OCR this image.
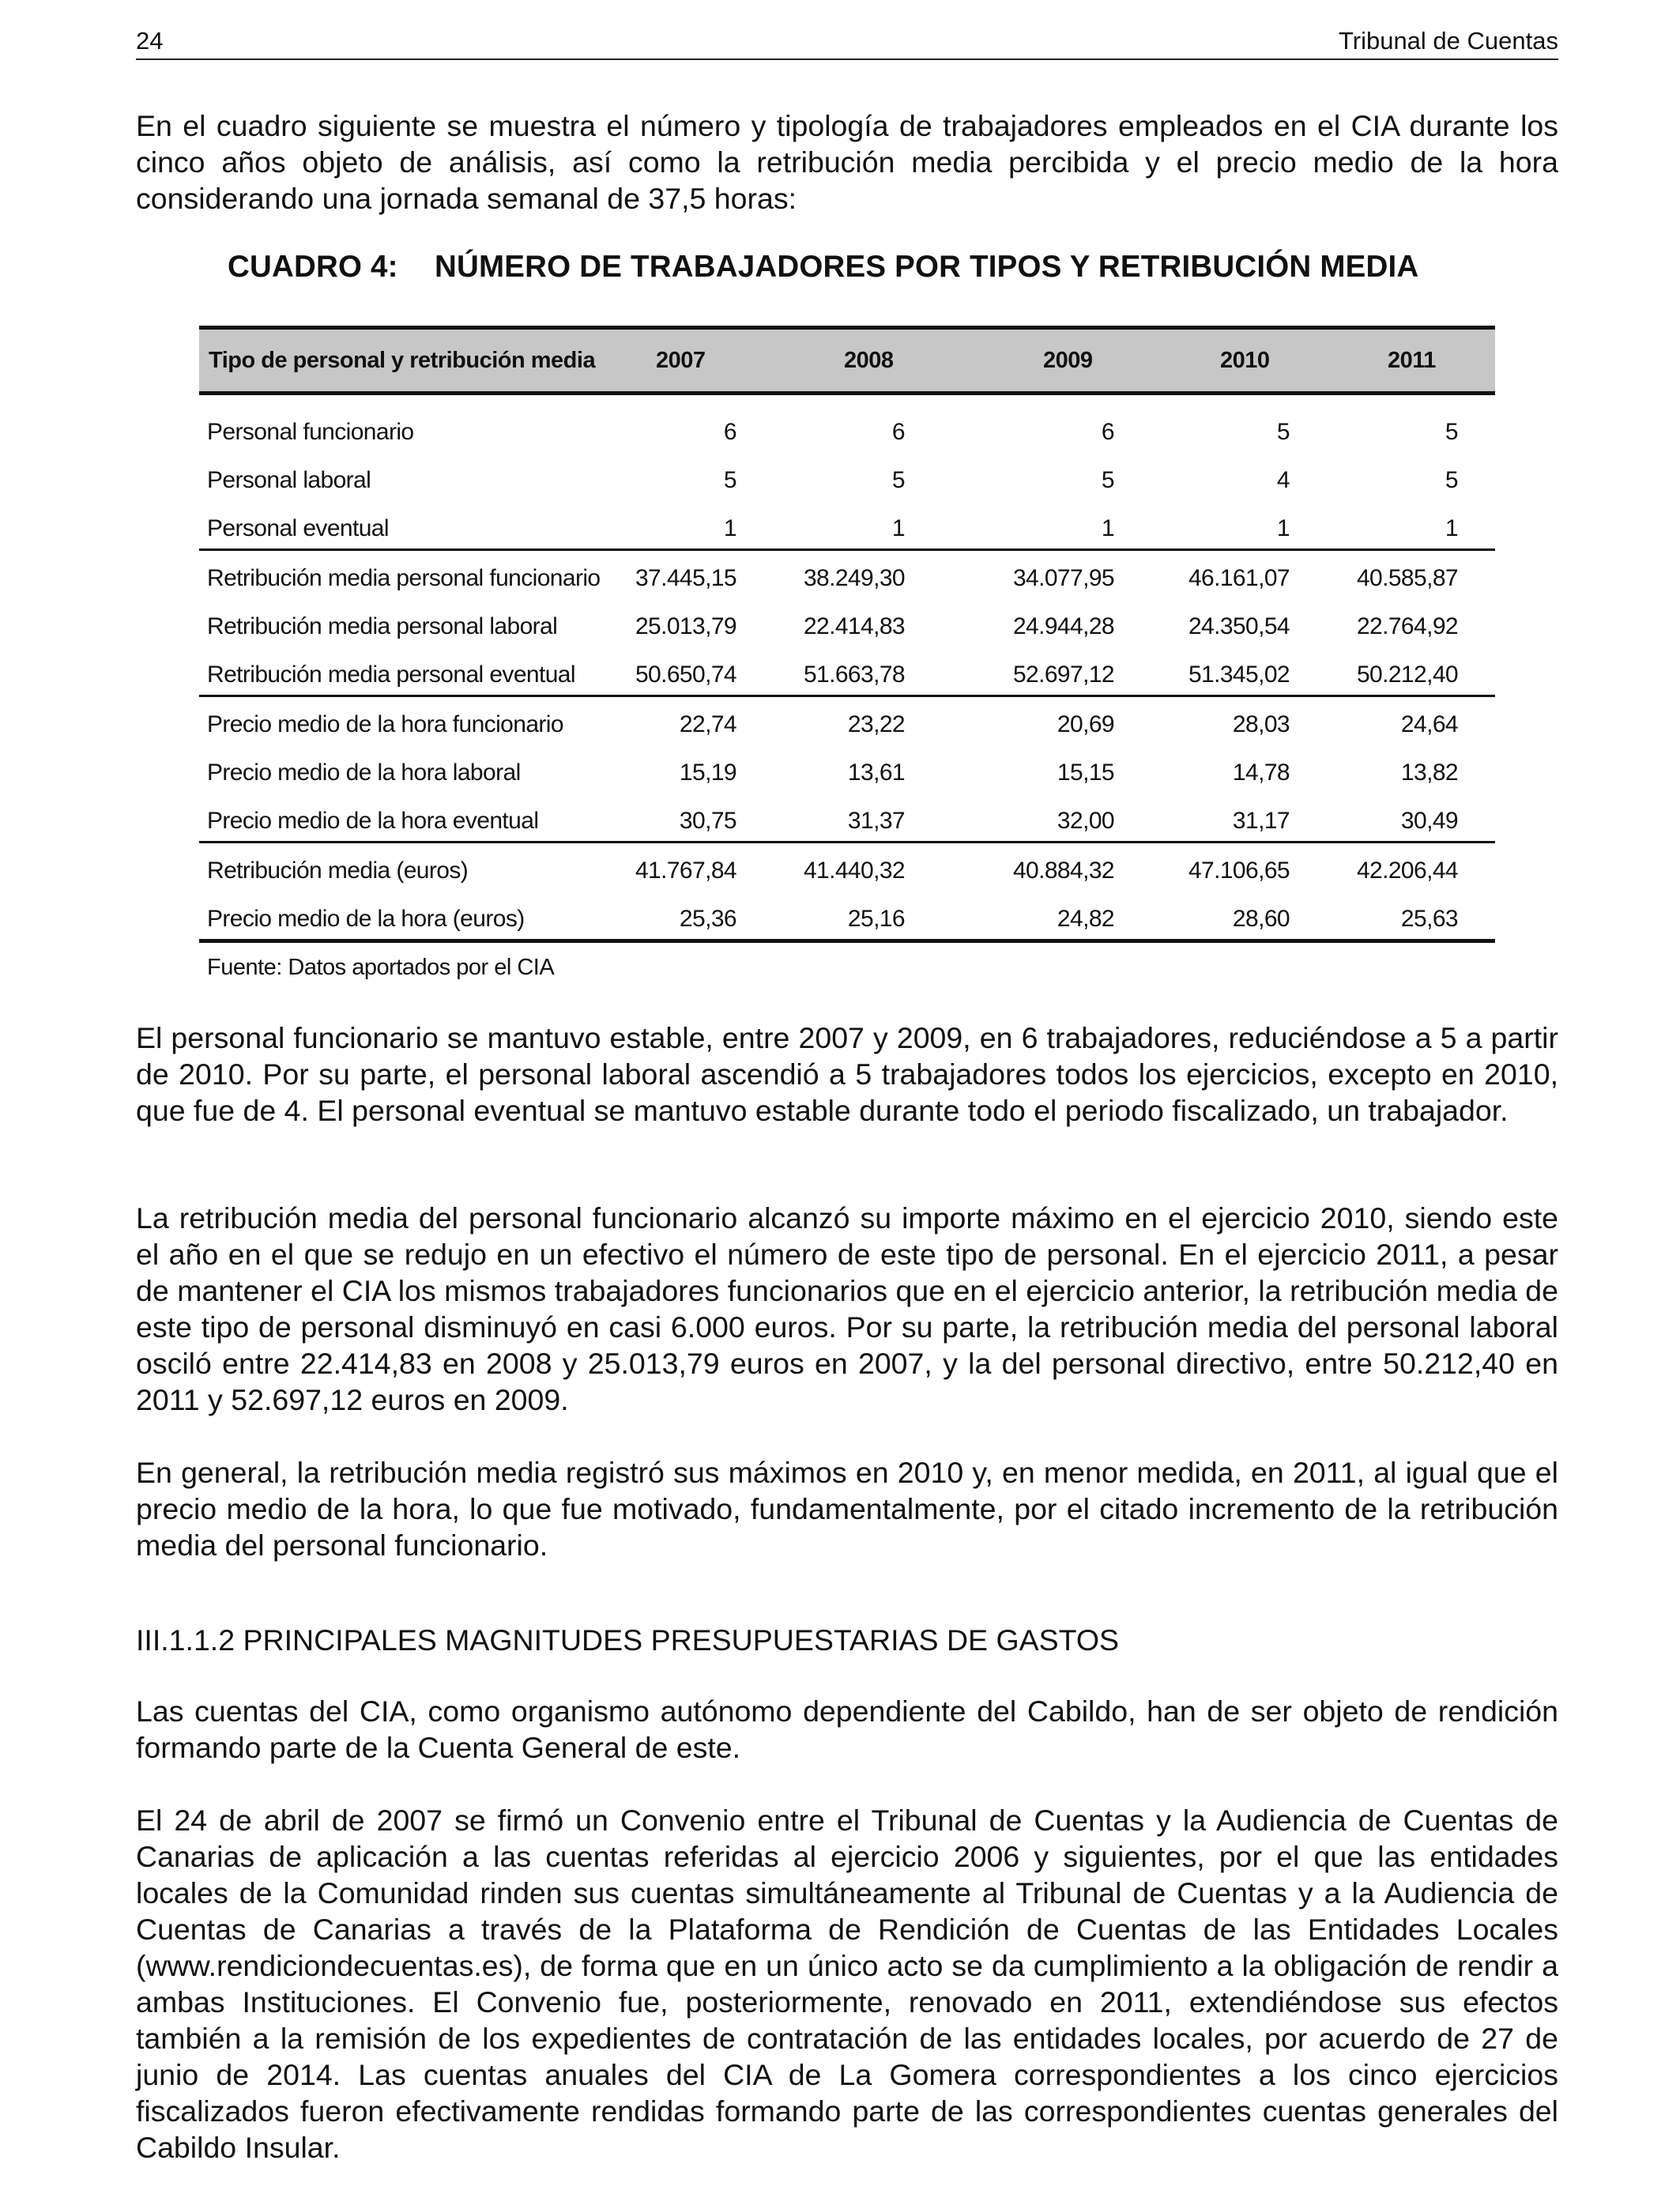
24	Tribunal de Cuentas

En el cuadro siguiente se muestra el número y tipología de trabajadores empleados en el CIA durante los cinco años objeto de análisis, así como la retribución media percibida y el precio medio de la hora considerando una jornada semanal de 37,5 horas:

CUADRO 4: NÚMERO DE TRABAJADORES POR TIPOS Y RETRIBUCIÓN MEDIA
Tipo de personal y retribución media	2007	2008	2009	2010	2011
Personal funcionario	6	6	6	5	5
Personal laboral	5	5	5	4	5
Personal eventual	1	1	1	1	1
Retribución media personal funcionario 37.445,15	38.249,30	34.077,95	46.161,07	40.585,87
Retribución media personal laboral	25.013,79	22.414,83	24.944,28	24.350,54	22.764,92
Retribución media personal eventual	50.650,74	51.663,78	52.697,12	51.345,02	50.212,40
Precio medio de la hora funcionario	22,74	23,22	20,69	28,03	24,64
Precio medio de la hora laboral	15,19	13,61	15,15	14,78	13,82
Precio medio de la hora eventual	30,75	31,37	32,00	31,17	30,49
Retribución media (euros)	41.767,84	41.440,32	40.884,32	47.106,65	42.206,44
Precio medio de la hora (euros)	25,36	25,16	24,82	28,60	25,63
Fuente: Datos aportados por el CIA

El personal funcionario se mantuvo estable, entre 2007 y 2009, en 6 trabajadores, reduciéndose a 5 a partir de 2010. Por su parte, el personal laboral ascendió a 5 trabajadores todos los ejercicios, excepto en 2010, que fue de 4. El personal eventual se mantuvo estable durante todo el periodo fiscalizado, un trabajador.

La retribución media del personal funcionario alcanzó su importe máximo en el ejercicio 2010, siendo este el año en el que se redujo en un efectivo el número de este tipo de personal. En el ejercicio 2011, a pesar de mantener el CIA los mismos trabajadores funcionarios que en el ejercicio anterior, la retribución media de este tipo de personal disminuyó en casi 6.000 euros. Por su parte, la retribución media del personal laboral osciló entre 22.414,83 en 2008 y 25.013,79 euros en 2007, y la del personal directivo, entre 50.212,40 en 2011 y 52.697,12 euros en 2009.

En general, la retribución media registró sus máximos en 2010 y, en menor medida, en 2011, al igual que el precio medio de la hora, lo que fue motivado, fundamentalmente, por el citado incremento de la retribución media del personal funcionario.

III.1.1.2 PRINCIPALES MAGNITUDES PRESUPUESTARIAS DE GASTOS

Las cuentas del CIA, como organismo autónomo dependiente del Cabildo, han de ser objeto de rendición formando parte de la Cuenta General de este.

El 24 de abril de 2007 se firmó un Convenio entre el Tribunal de Cuentas y la Audiencia de Cuentas de Canarias de aplicación a las cuentas referidas al ejercicio 2006 y siguientes, por el que las entidades locales de la Comunidad rinden sus cuentas simultáneamente al Tribunal de Cuentas y a la Audiencia de Cuentas de Canarias a través de la Plataforma de Rendición de Cuentas de las Entidades Locales (www.rendiciondecuentas.es), de forma que en un único acto se da cumplimiento a la obligación de rendir a ambas Instituciones. El Convenio fue, posteriormente, renovado en 2011, extendiéndose sus efectos también a la remisión de los expedientes de contratación de las entidades locales, por acuerdo de 27 de junio de 2014. Las cuentas anuales del CIA de La Gomera correspondientes a los cinco ejercicios fiscalizados fueron efectivamente rendidas formando parte de las correspondientes cuentas generales del Cabildo Insular.
